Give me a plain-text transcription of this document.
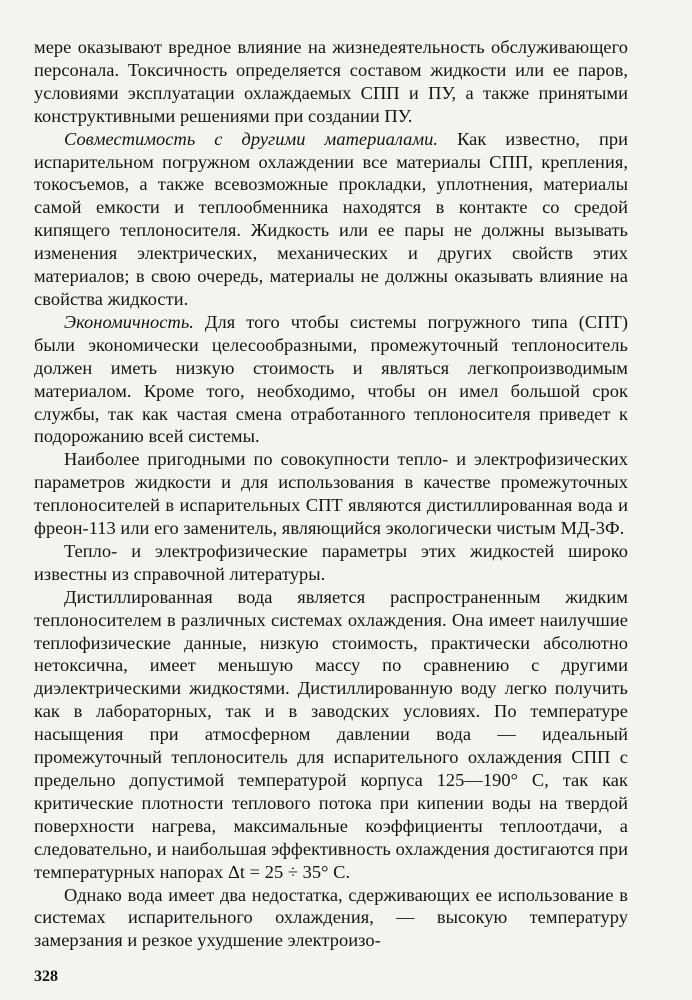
мере оказывают вредное влияние на жизнедеятельность обслуживающего персонала. Токсичность определяется составом жидкости или ее паров, условиями эксплуатации охлаждаемых СПП и ПУ, а также принятыми конструктивными решениями при создании ПУ.

Совместимость с другими материалами. Как известно, при испарительном погружном охлаждении все материалы СПП, крепления, токосъемов, а также всевозможные прокладки, уплотнения, материалы самой емкости и теплообменника находятся в контакте со средой кипящего теплоносителя. Жидкость или ее пары не должны вызывать изменения электрических, механических и других свойств этих материалов; в свою очередь, материалы не должны оказывать влияние на свойства жидкости.

Экономичность. Для того чтобы системы погружного типа (СПТ) были экономически целесообразными, промежуточный теплоноситель должен иметь низкую стоимость и являться легкопроизводимым материалом. Кроме того, необходимо, чтобы он имел большой срок службы, так как частая смена отработанного теплоносителя приведет к подорожанию всей системы.

Наиболее пригодными по совокупности тепло- и электрофизических параметров жидкости и для использования в качестве промежуточных теплоносителей в испарительных СПТ являются дистиллированная вода и фреон-113 или его заменитель, являющийся экологически чистым МД-3Ф.

Тепло- и электрофизические параметры этих жидкостей широко известны из справочной литературы.

Дистиллированная вода является распространенным жидким теплоносителем в различных системах охлаждения. Она имеет наилучшие теплофизические данные, низкую стоимость, практически абсолютно нетоксична, имеет меньшую массу по сравнению с другими диэлектрическими жидкостями. Дистиллированную воду легко получить как в лабораторных, так и в заводских условиях. По температуре насыщения при атмосферном давлении вода — идеальный промежуточный теплоноситель для испарительного охлаждения СПП с предельно допустимой температурой корпуса 125—190° С, так как критические плотности теплового потока при кипении воды на твердой поверхности нагрева, максимальные коэффициенты теплоотдачи, а следовательно, и наибольшая эффективность охлаждения достигаются при температурных напорах Δt = 25 ÷ 35° С.

Однако вода имеет два недостатка, сдерживающих ее использование в системах испарительного охлаждения, — высокую температуру замерзания и резкое ухудшение электроизо-

328
